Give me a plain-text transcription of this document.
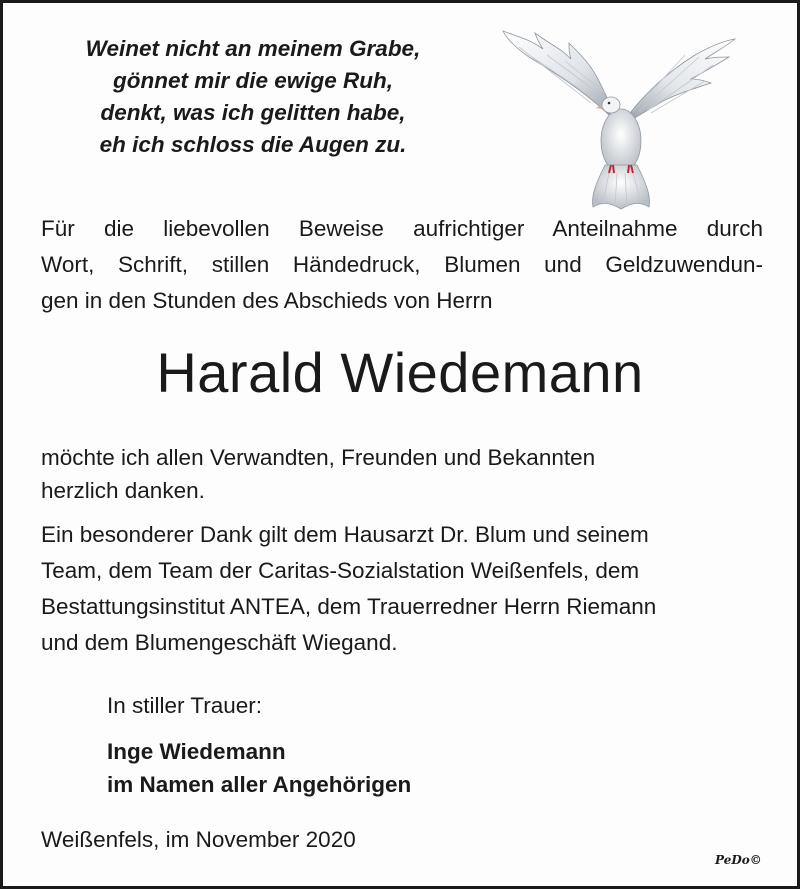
Weinet nicht an meinem Grabe,
gönnet mir die ewige Ruh,
denkt, was ich gelitten habe,
eh ich schloss die Augen zu.
Für die liebevollen Beweise aufrichtiger Anteilnahme durch
Wort, Schrift, stillen Händedruck, Blumen und Geldzuwendun-
gen in den Stunden des Abschieds von Herrn
Harald Wiedemann
möchte ich allen Verwandten, Freunden und Bekannten
herzlich danken.
Ein besonderer Dank gilt dem Hausarzt Dr. Blum und seinem
Team, dem Team der Caritas-Sozialstation Weißenfels, dem
Bestattungsinstitut ANTEA, dem Trauerredner Herrn Riemann
und dem Blumengeschäft Wiegand.
In stiller Trauer:
Inge Wiedemann
im Namen aller Angehörigen
Weißenfels, im November 2020
PeDo©
